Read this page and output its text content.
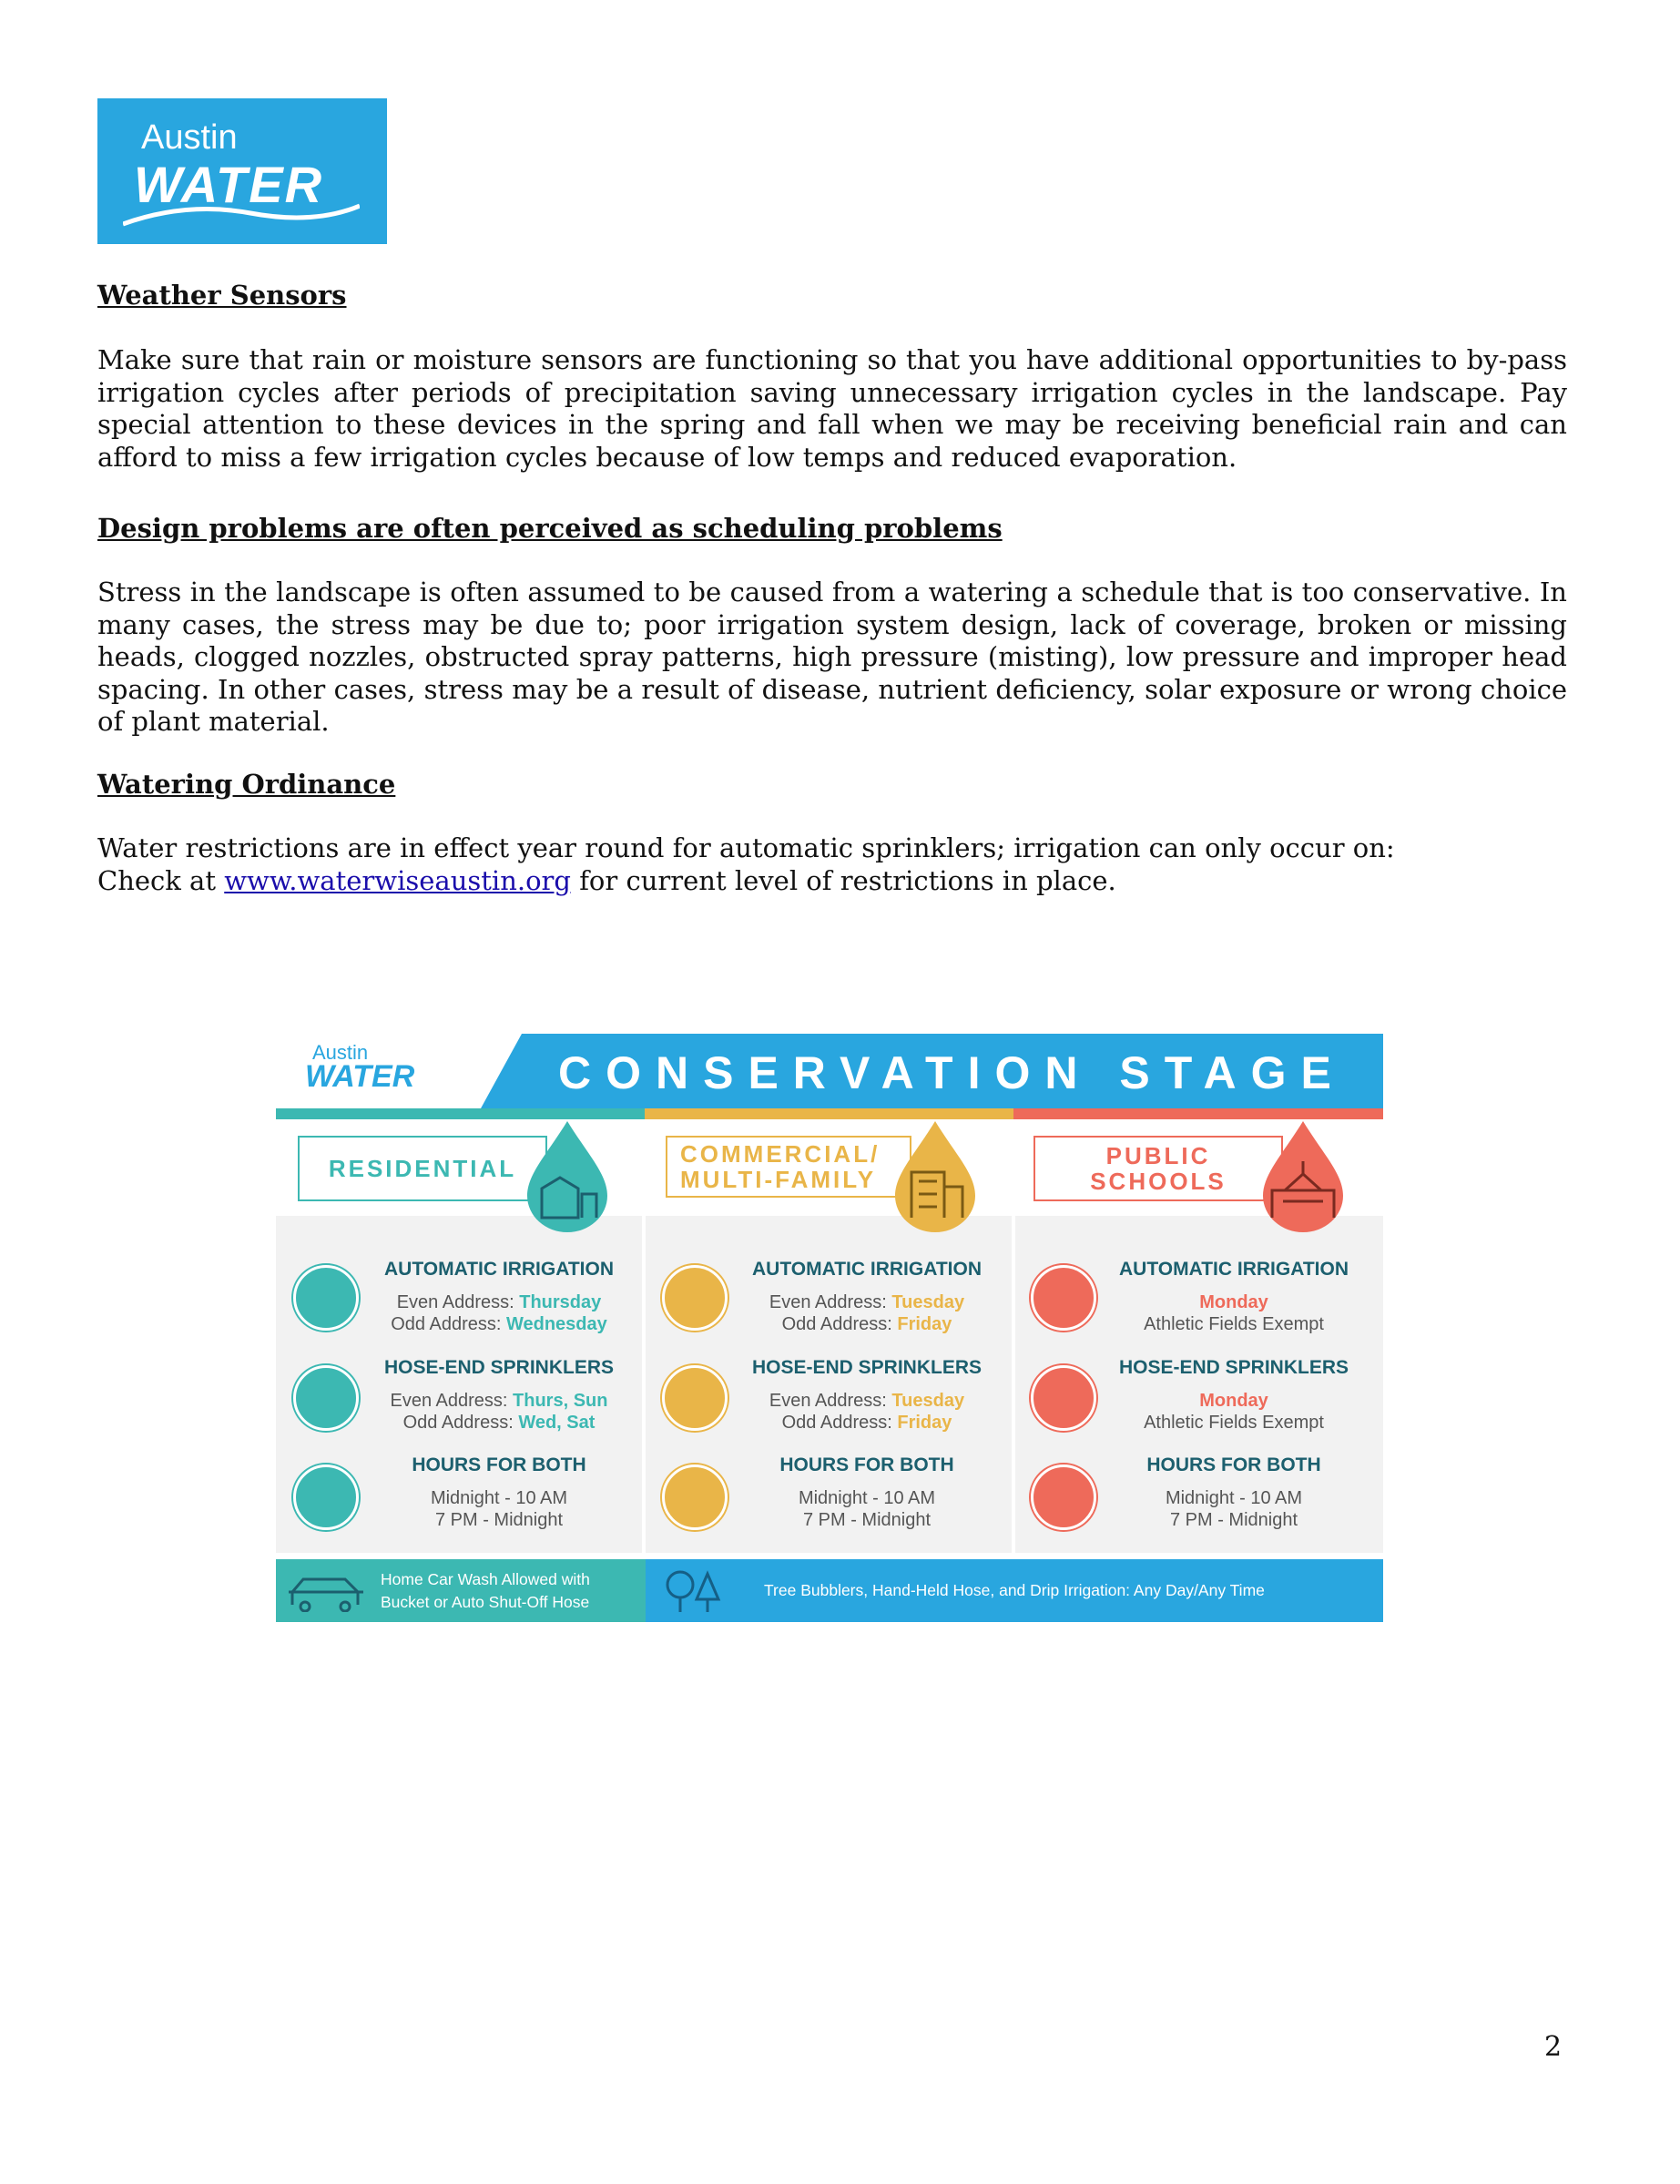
Austin
WATER
Weather Sensors

Make sure that rain or moisture sensors are functioning so that you have additional opportunities to by-pass irrigation cycles after periods of precipitation saving unnecessary irrigation cycles in the landscape. Pay special attention to these devices in the spring and fall when we may be receiving beneficial rain and can afford to miss a few irrigation cycles because of low temps and reduced evaporation.

Design problems are often perceived as scheduling problems

Stress in the landscape is often assumed to be caused from a watering a schedule that is too conservative. In many cases, the stress may be due to; poor irrigation system design, lack of coverage, broken or missing heads, clogged nozzles, obstructed spray patterns, high pressure (misting), low pressure and improper head spacing. In other cases, stress may be a result of disease, nutrient deficiency, solar exposure or wrong choice of plant material.

Watering Ordinance
Water restrictions are in effect year round for automatic sprinklers; irrigation can only occur on:
Check at www.waterwiseaustin.org for current level of restrictions in place.
Austin
WATER	CONSERVATION STAGE
RESIDENTIAL
COMMERCIAL/
MULTI-FAMILY
PUBLIC
SCHOOLS
AUTOMATIC IRRIGATION
Even Address: Thursday
Odd Address: Wednesday
HOSE-END SPRINKLERS
Even Address: Thurs, Sun
Odd Address: Wed, Sat
HOURS FOR BOTH
Midnight - 10 AM
7 PM - Midnight
AUTOMATIC IRRIGATION
Even Address: Tuesday
Odd Address: Friday
HOSE-END SPRINKLERS
Even Address: Tuesday
Odd Address: Friday
HOURS FOR BOTH
Midnight - 10 AM
7 PM - Midnight
AUTOMATIC IRRIGATION
Monday
Athletic Fields Exempt
HOSE-END SPRINKLERS
Monday
Athletic Fields Exempt
HOURS FOR BOTH
Midnight - 10 AM
7 PM - Midnight
Home Car Wash Allowed with
Bucket or Auto Shut-Off Hose
Tree Bubblers, Hand-Held Hose, and Drip Irrigation: Any Day/Any Time
2
